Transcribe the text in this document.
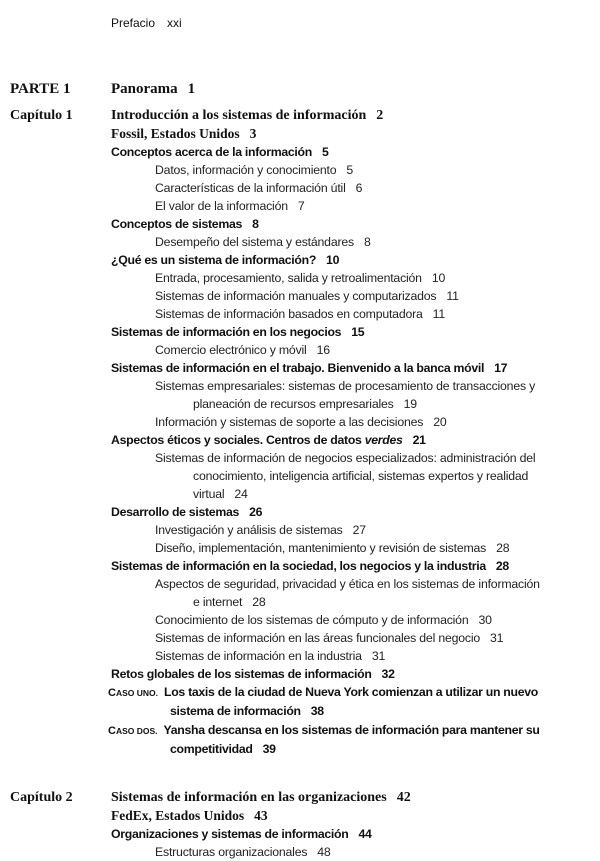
Prefacio xxi
PARTE 1	Panorama 1
Capítulo 1	Introducción a los sistemas de información 2
Fossil, Estados Unidos 3
Conceptos acerca de la información 5
Datos, información y conocimiento 5
Características de la información útil 6
El valor de la información 7
Conceptos de sistemas 8
Desempeño del sistema y estándares 8
¿Qué es un sistema de información? 10
Entrada, procesamiento, salida y retroalimentación 10
Sistemas de información manuales y computarizados 11
Sistemas de información basados en computadora 11
Sistemas de información en los negocios 15
Comercio electrónico y móvil 16
Sistemas de información en el trabajo. Bienvenido a la banca móvil 17
Sistemas empresariales: sistemas de procesamiento de transacciones y
planeación de recursos empresariales 19
Información y sistemas de soporte a las decisiones 20
Aspectos éticos y sociales. Centros de datos verdes 21
Sistemas de información de negocios especializados: administración del
conocimiento, inteligencia artificial, sistemas expertos y realidad
virtual 24
Desarrollo de sistemas 26
Investigación y análisis de sistemas 27
Diseño, implementación, mantenimiento y revisión de sistemas 28
Sistemas de información en la sociedad, los negocios y la industria 28
Aspectos de seguridad, privacidad y ética en los sistemas de información
e internet 28
Conocimiento de los sistemas de cómputo y de información 30
Sistemas de información en las áreas funcionales del negocio 31
Sistemas de información en la industria 31
Retos globales de los sistemas de información 32
CASO UNO. Los taxis de la ciudad de Nueva York comienzan a utilizar un nuevo
sistema de información 38
CASO DOS. Yansha descansa en los sistemas de información para mantener su
competitividad 39
Capítulo 2	Sistemas de información en las organizaciones 42
FedEx, Estados Unidos 43
Organizaciones y sistemas de información 44
Estructuras organizacionales 48
